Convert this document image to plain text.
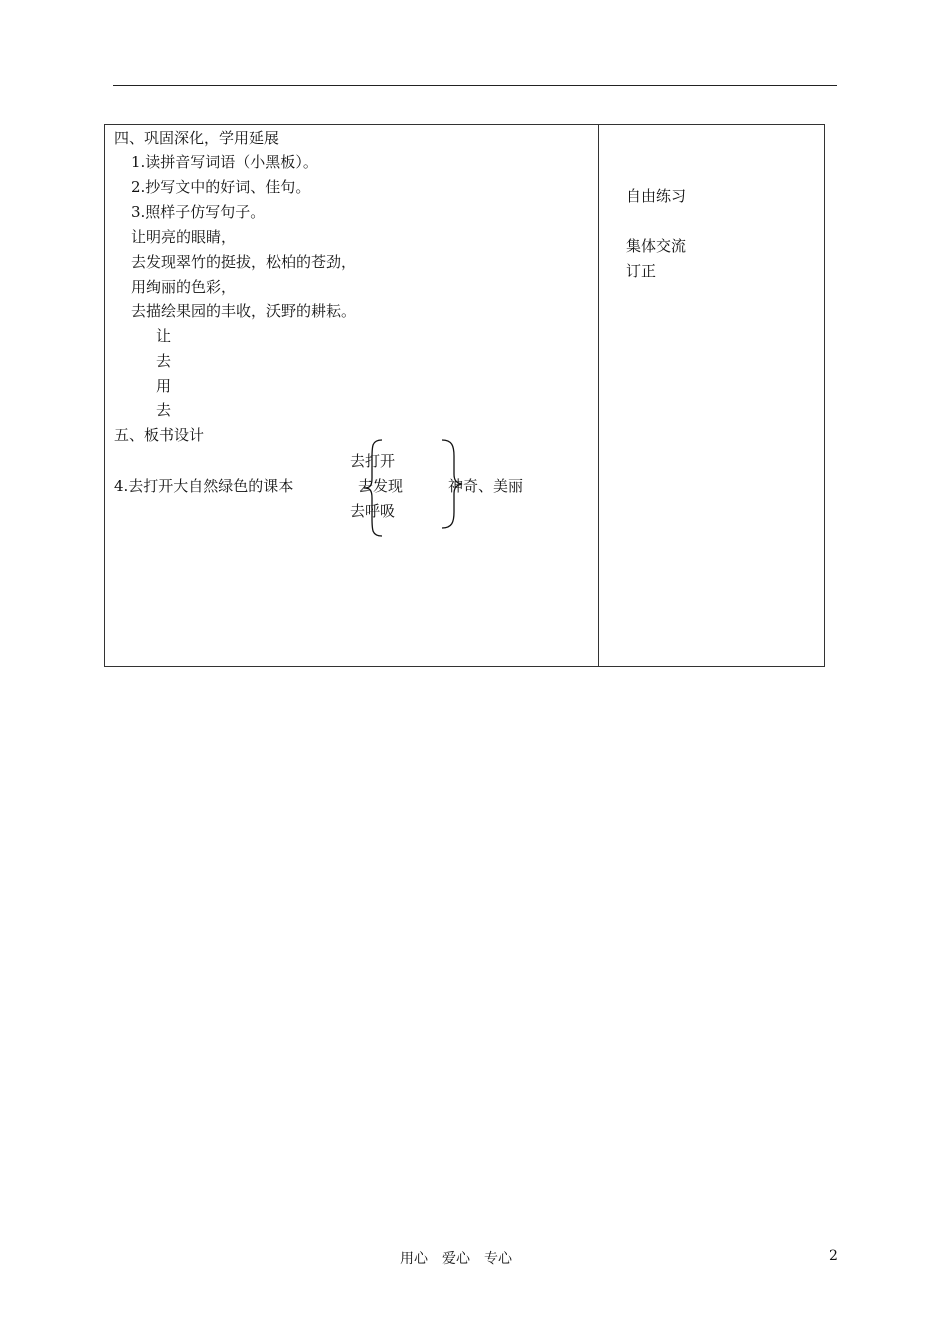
四、巩固深化，学用延展
1.读拼音写词语（小黑板）。
2.抄写文中的好词、佳句。
3.照样子仿写句子。
让明亮的眼睛，
去发现翠竹的挺拔，松柏的苍劲，
用绚丽的色彩，
去描绘果园的丰收，沃野的耕耘。
让
去
用
去
五、板书设计
去打开
4.去打开大自然绿色的课本	去发现	神奇、美丽
去呼吸
自由练习
集体交流
订正
用心　爱心　专心	2
